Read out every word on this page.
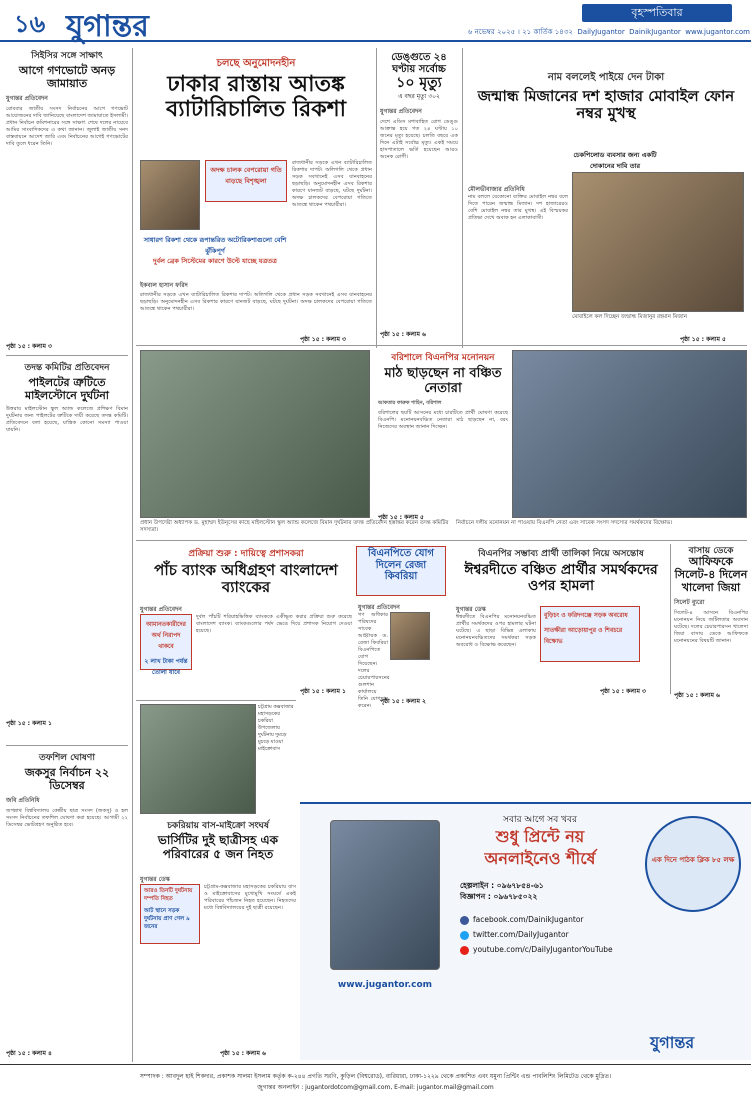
১৬ যুগান্তর	বৃহস্পতিবার
৬ নভেম্বর ২০২৫ । ২১ কার্তিক ১৪৩২ DailyJugantor DainikJugantor www.jugantor.com
সিইসির সঙ্গে সাক্ষাৎ
আগে গণভোটে অনড় জামায়াত
যুগান্তর প্রতিবেদন
রোববার জাতীয় সংসদ নির্বাচনের আগে গণভোট আয়োজনের দাবি জানিয়েছে বাংলাদেশ জামায়াতে ইসলামী। প্রধান নির্বাচন কমিশনারের সঙ্গে সাক্ষাৎ শেষে দলের নায়েবে আমির সাংবাদিকদের এ কথা জানান। জুলাই জাতীয় সনদ বাস্তবায়নে আদেশ জারি এবং নির্বাচনের আগেই গণভোটের দাবি তুলে ধরেন তিনি।
পৃষ্ঠা ১৫ : কলাম ৩
তদন্ত কমিটির প্রতিবেদন
পাইলটের ত্রুটিতে মাইলস্টোনে দুর্ঘটনা
উত্তরায় মাইলস্টোন স্কুল অ্যান্ড কলেজে প্রশিক্ষণ বিমান দুর্ঘটনার জন্য পাইলটের ত্রুটিকে দায়ী করেছে তদন্ত কমিটি। প্রতিবেদনে বলা হয়েছে, যান্ত্রিক কোনো সমস্যা পাওয়া যায়নি।
পৃষ্ঠা ১৫ : কলাম ১
তফশিল ঘোষণা
জকসুর নির্বাচন ২২ ডিসেম্বর
জবি প্রতিনিধি
জগন্নাথ বিশ্ববিদ্যালয় কেন্দ্রীয় ছাত্র সংসদ (জকসু) ও হল সংসদ নির্বাচনের তফশিল ঘোষণা করা হয়েছে। আগামী ২২ ডিসেম্বর ভোটগ্রহণ অনুষ্ঠিত হবে।
পৃষ্ঠা ১৫ : কলাম ৪
চলছে অনুমোদনহীন
ঢাকার রাস্তায় আতঙ্ক ব্যাটারিচালিত রিকশা
অদক্ষ চালক বেপরোয়া গতি বাড়ছে বিশৃঙ্খলা
সাধারণ রিকশা থেকে রূপান্তরিত অটোরিকশাগুলো বেশি ঝুঁকিপূর্ণ
দুর্বল ব্রেক সিস্টেমের কারণে উল্টে যাচ্ছে যত্রতত্র
ইকবাল হাসান ফরিদ
রাজধানীর সড়কে এখন ব্যাটারিচালিত রিকশার দাপট। অলিগলি থেকে প্রধান সড়ক সবখানেই এসব যানবাহনের ছড়াছড়ি। অনুমোদনহীন এসব রিকশার কারণে যানজট বাড়ছে, ঘটছে দুর্ঘটনা। অদক্ষ চালকদের বেপরোয়া গতিতে আতঙ্কে থাকেন পথচারীরা।
রাজধানীর সড়কে এখন ব্যাটারিচালিত রিকশার দাপট। অলিগলি থেকে প্রধান সড়ক সবখানেই এসব যানবাহনের ছড়াছড়ি। অনুমোদনহীন এসব রিকশার কারণে যানজট বাড়ছে, ঘটছে দুর্ঘটনা। অদক্ষ চালকদের বেপরোয়া গতিতে আতঙ্কে থাকেন পথচারীরা।
পৃষ্ঠা ১৫ : কলাম ৩
ডেঙ্গুতে ২৪ ঘণ্টায় সর্বোচ্চ
১০ মৃত্যু
এ বছর মৃত্যু ৩০২
যুগান্তর প্রতিবেদন
দেশে এডিস মশাবাহিত রোগ ডেঙ্গু আক্রান্ত হয়ে গত ২৪ ঘণ্টায় ১০ জনের মৃত্যু হয়েছে। চলতি বছরে এক দিনে এটাই সর্বোচ্চ মৃত্যু। একই সময়ে হাসপাতালে ভর্তি হয়েছেন আরও অনেক রোগী।
পৃষ্ঠা ১৫ : কলাম ৬
নাম বললেই পাইয়ে দেন টাকা
জন্মান্ধ মিজানের দশ হাজার মোবাইল ফোন নম্বর মুখস্থ
চেকপিলোড ব্যবসার জন্য একটি দোকানের দাবি তার
মৌলভীবাজার প্রতিনিধি
নাম বললে যেকোনো ব্যক্তির মোবাইল নম্বর বলে দিতে পারেন জন্মান্ধ মিজান। দশ হাজারেরও বেশি মোবাইল নম্বর তার মুখস্থ। এই বিস্ময়কর প্রতিভা দেখে অবাক হন এলাকাবাসী।
মোবাইলে কল দিচ্ছেন জন্মান্ধ মিজানুর রহমান মিজান
পৃষ্ঠা ১৫ : কলাম ৫
প্রধান উপদেষ্টা অধ্যাপক ড. মুহাম্মদ ইউনূসের কাছে মাইলস্টোন স্কুল অ্যান্ড কলেজে বিমান দুর্ঘটনার তদন্ত প্রতিবেদন হস্তান্তর করেন তদন্ত কমিটির সদস্যরা।
বরিশালে বিএনপির মনোনয়ন
মাঠ ছাড়ছেন না বঞ্চিত নেতারা
আকতার ফারুক শাহিন, বরিশাল
বরিশালের ছয়টি আসনের মধ্যে চারটিতে প্রার্থী ঘোষণা করেছে বিএনপি। মনোনয়নবঞ্চিত নেতারা মাঠ ছাড়ছেন না, বরং নিজেদের অবস্থান জানান দিচ্ছেন।
পৃষ্ঠা ১৫ : কলাম ৫
নির্বাচনে দলীয় মনোনয়ন না পাওয়ায় বিএনপি নেতা এবং সাবেক সংসদ সদস্যের সমর্থকদের বিক্ষোভ।
প্রক্রিয়া শুরু : দায়িত্বে প্রশাসকরা
পাঁচ ব্যাংক অধিগ্রহণ বাংলাদেশ ব্যাংকের
যুগান্তর প্রতিবেদন
আমানতকারীদের অর্থ নিরাপদ থাকবে
২ লাখ টাকা পর্যন্ত তোলা যাবে
দুর্বল পাঁচটি শরিয়াহভিত্তিক ব্যাংককে একীভূত করার প্রক্রিয়া শুরু করেছে বাংলাদেশ ব্যাংক। ব্যাংকগুলোর পর্ষদ ভেঙে দিয়ে প্রশাসক নিয়োগ দেওয়া হয়েছে।
পৃষ্ঠা ১৫ : কলাম ১
বিএনপিতে যোগ দিলেন রেজা কিবরিয়া
যুগান্তর প্রতিবেদন
গণ অধিকার পরিষদের সাবেক আহ্বায়ক ড. রেজা কিবরিয়া বিএনপিতে যোগ দিয়েছেন। দলের চেয়ারপারসনের গুলশান কার্যালয়ে তিনি যোগদান করেন।
পৃষ্ঠা ১৫ : কলাম ২
বিএনপির সম্ভাব্য প্রার্থী তালিকা নিয়ে অসন্তোষ
ঈশ্বরদীতে বঞ্চিত প্রার্থীর সমর্থকদের ওপর হামলা
বুড়িচং ও ফরিদগঞ্জে সড়ক অবরোধ
সাতক্ষীরা আড়োয়াপুর ও শিবচরে বিক্ষোভ
যুগান্তর ডেস্ক
ঈশ্বরদীতে বিএনপির মনোনয়নবঞ্চিত প্রার্থীর সমর্থকদের ওপর হামলার ঘটনা ঘটেছে। এ ছাড়া বিভিন্ন এলাকায় মনোনয়নবঞ্চিতদের সমর্থকরা সড়ক অবরোধ ও বিক্ষোভ করেছেন।
পৃষ্ঠা ১৫ : কলাম ৩
বাসায় ডেকে
আফিফকে সিলেট-৪ দিলেন খালেদা জিয়া
সিলেট ব্যুরো
সিলেট-৪ আসনে বিএনপির মনোনয়ন নিয়ে জটিলতার অবসান ঘটেছে। দলের চেয়ারপারসন খালেদা জিয়া বাসায় ডেকে আফিফকে মনোনয়নের বিষয়টি জানান।
পৃষ্ঠা ১৫ : কলাম ৬
চট্টগ্রাম কক্সবাজার মহাসড়কের চকরিয়া উপজেলায় দুর্ঘটনায় দুমড়ে মুচড়ে যাওয়া মাইক্রোবাস
চকরিয়ায় বাস-মাইক্রো সংঘর্ষ
ভার্সিটির দুই ছাত্রীসহ এক পরিবারের ৫ জন নিহত
যুগান্তর ডেস্ক
আরও তিনটি দুর্ঘটনায় দম্পতি নিহত
আট স্থানে সড়ক দুর্ঘটনায় প্রাণ গেল ৯ জনের
চট্টগ্রাম-কক্সবাজার মহাসড়কের চকরিয়ায় বাস ও মাইক্রোবাসের মুখোমুখি সংঘর্ষে একই পরিবারের পাঁচজন নিহত হয়েছেন। নিহতদের মধ্যে বিশ্ববিদ্যালয়ের দুই ছাত্রী রয়েছেন।
পৃষ্ঠা ১৫ : কলাম ৬
www.jugantor.com
সবার আগে সব খবর
শুধু প্রিন্টে নয়
অনলাইনেও শীর্ষে
হেল্পলাইন : ০৯৬৭৮৫৪-৬১
বিজ্ঞাপন : ০৯৬৭৮৫০২২
facebook.com/DainikJugantor
twitter.com/DailyJugantor
youtube.com/c/DailyJugantorYouTube
এক দিনে পাঠক ক্লিক ৮৫ লক্ষ
যুগান্তর
সম্পাদক : আবদুল হাই শিকদার, প্রকাশক সালমা ইসলাম কর্তৃক ক-২৪৪ প্রগতি সরণি, কুড়িল (বিশ্বরোড), বারিধারা, ঢাকা-১২২৯ থেকে প্রকাশিত এবং যমুনা প্রিন্টিং এন্ড পাবলিশিং লিমিটেড থেকে মুদ্রিত।
জুগান্তর অনলাইন : jugantordotcom@gmail.com, E-mail: jugantor.mail@gmail.com
